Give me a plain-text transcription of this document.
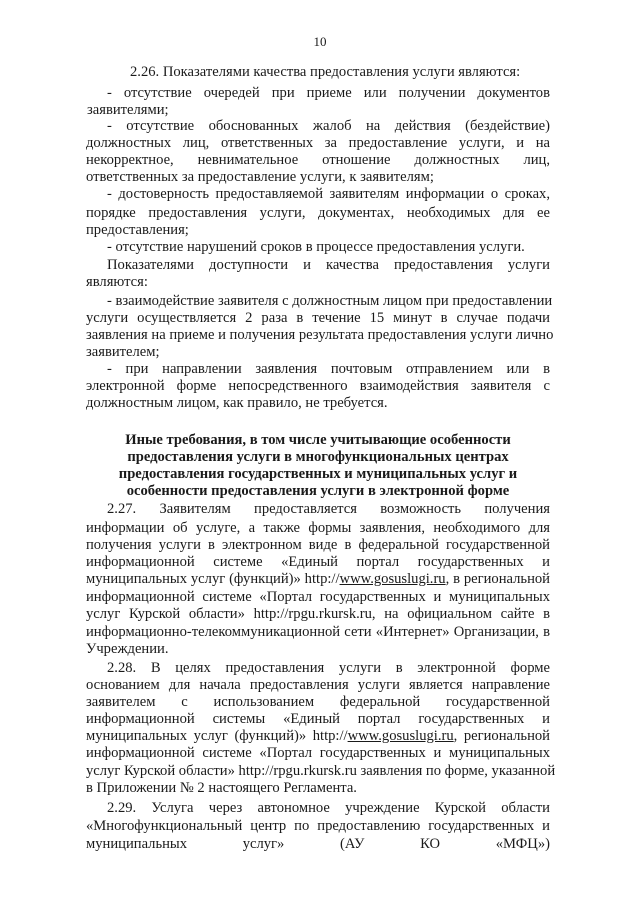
10
2.26. Показателями качества предоставления услуги являются:
- отсутствие очередей при приеме или получении документов
заявителями;
- отсутствие обоснованных жалоб на действия (бездействие)
должностных лиц, ответственных за предоставление услуги, и на
некорректное, невнимательное отношение должностных лиц,
ответственных за предоставление услуги, к заявителям;
- достоверность предоставляемой заявителям информации о сроках,
порядке предоставления услуги, документах, необходимых для ее
предоставления;
- отсутствие нарушений сроков в процессе предоставления услуги.
Показателями доступности и качества предоставления услуги
являются:
- взаимодействие заявителя с должностным лицом при предоставлении
услуги осуществляется 2 раза в течение 15 минут в случае подачи
заявления на приеме и получения результата предоставления услуги лично
заявителем;
- при направлении заявления почтовым отправлением или в
электронной форме непосредственного взаимодействия заявителя с
должностным лицом, как правило, не требуется.
Иные требования, в том числе учитывающие особенности
предоставления услуги в многофункциональных центрах
предоставления государственных и муниципальных услуг и
особенности предоставления услуги в электронной форме
2.27. Заявителям предоставляется возможность получения
информации об услуге, а также формы заявления, необходимого для
получения услуги в электронном виде в федеральной государственной
информационной системе «Единый портал государственных и
муниципальных услуг (функций)» http://www.gosuslugi.ru, в региональной
информационной системе «Портал государственных и муниципальных
услуг Курской области» http://rpgu.rkursk.ru, на официальном сайте в
информационно-телекоммуникационной сети «Интернет» Организации, в
Учреждении.
2.28. В целях предоставления услуги в электронной форме
основанием для начала предоставления услуги является направление
заявителем с использованием федеральной государственной
информационной системы «Единый портал государственных и
муниципальных услуг (функций)» http://www.gosuslugi.ru, региональной
информационной системе «Портал государственных и муниципальных
услуг Курской области» http://rpgu.rkursk.ru заявления по форме, указанной
в Приложении № 2 настоящего Регламента.
2.29. Услуга через автономное учреждение Курской области
«Многофункциональный центр по предоставлению государственных и
муниципальных услуг» (АУ КО «МФЦ»)
